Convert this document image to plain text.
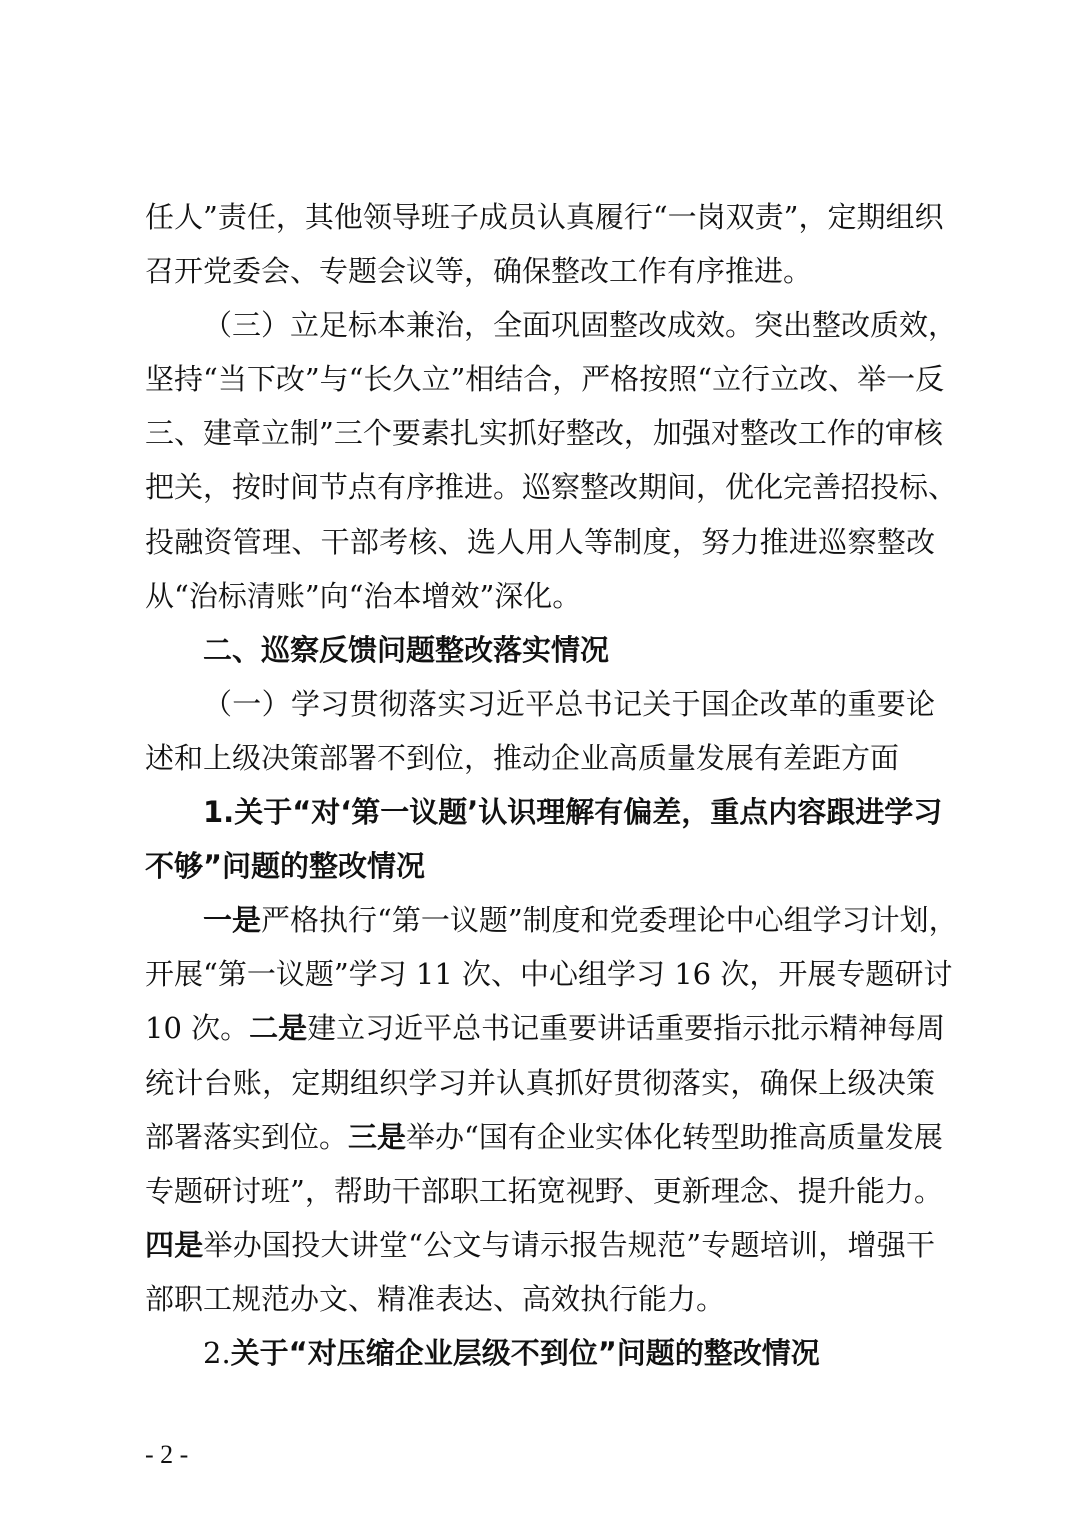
任人”责任，其他领导班子成员认真履行“一岗双责”，定期组织
召开党委会、专题会议等，确保整改工作有序推进。
（三）立足标本兼治，全面巩固整改成效。突出整改质效，
坚持“当下改”与“长久立”相结合，严格按照“立行立改、举一反
三、建章立制”三个要素扎实抓好整改，加强对整改工作的审核
把关，按时间节点有序推进。巡察整改期间，优化完善招投标、
投融资管理、干部考核、选人用人等制度，努力推进巡察整改
从“治标清账”向“治本增效”深化。
二、巡察反馈问题整改落实情况
（一）学习贯彻落实习近平总书记关于国企改革的重要论
述和上级决策部署不到位，推动企业高质量发展有差距方面
1.关于“对‘第一议题’认识理解有偏差，重点内容跟进学习
不够”问题的整改情况
一是严格执行“第一议题”制度和党委理论中心组学习计划，
开展“第一议题”学习 11 次、中心组学习 16 次，开展专题研讨
10 次。二是建立习近平总书记重要讲话重要指示批示精神每周
统计台账，定期组织学习并认真抓好贯彻落实，确保上级决策
部署落实到位。三是举办“国有企业实体化转型助推高质量发展
专题研讨班”，帮助干部职工拓宽视野、更新理念、提升能力。
四是举办国投大讲堂“公文与请示报告规范”专题培训，增强干
部职工规范办文、精准表达、高效执行能力。
2.关于“对压缩企业层级不到位”问题的整改情况
- 2 -
